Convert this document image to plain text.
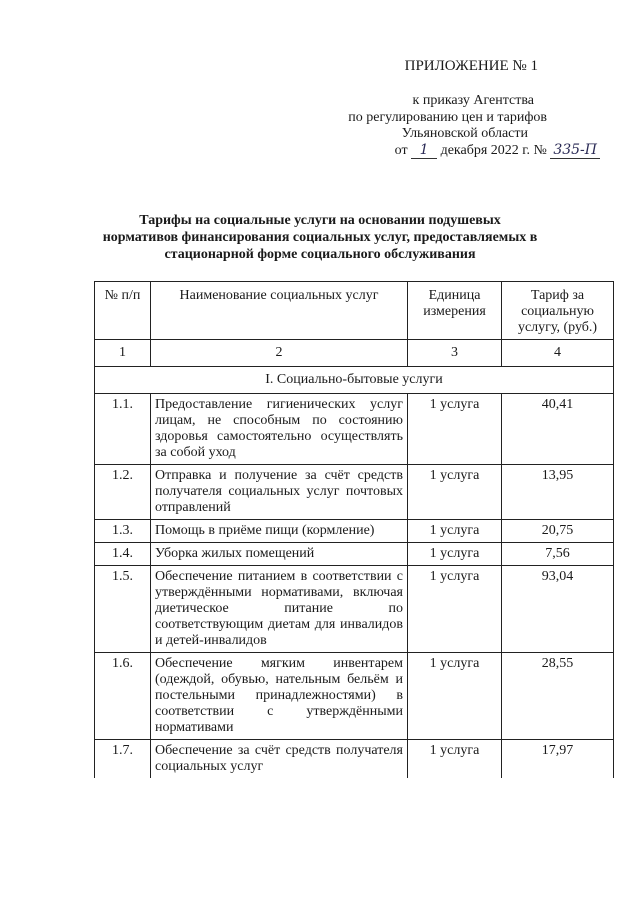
ПРИЛОЖЕНИЕ № 1
к приказу Агентства
по регулированию цен и тарифов
Ульяновской области
от 1 декабря 2022 г. № 335-П
Тарифы на социальные услуги на основании подушевых нормативов финансирования социальных услуг, предоставляемых в стационарной форме социального обслуживания
№ п/п	Наименование социальных услуг	Единица измерения	Тариф за социальную услугу, (руб.)
1	2	3	4
I. Социально-бытовые услуги			
1.1.	Предоставление гигиенических услуг лицам, не способным по состоянию здоровья самостоятельно осуществлять за собой уход	1 услуга	40,41
1.2.	Отправка и получение за счёт средств получателя социальных услуг почтовых отправлений	1 услуга	13,95
1.3.	Помощь в приёме пищи (кормление)	1 услуга	20,75
1.4.	Уборка жилых помещений	1 услуга	7,56
1.5.	Обеспечение питанием в соответствии с утверждёнными нормативами, включая диетическое питание по соответствующим диетам для инвалидов и детей-инвалидов	1 услуга	93,04
1.6.	Обеспечение мягким инвентарем (одеждой, обувью, нательным бельём и постельными принадлежностями) в соответствии с утверждёнными нормативами	1 услуга	28,55
1.7.	Обеспечение за счёт средств получателя социальных услуг	1 услуга	17,97
